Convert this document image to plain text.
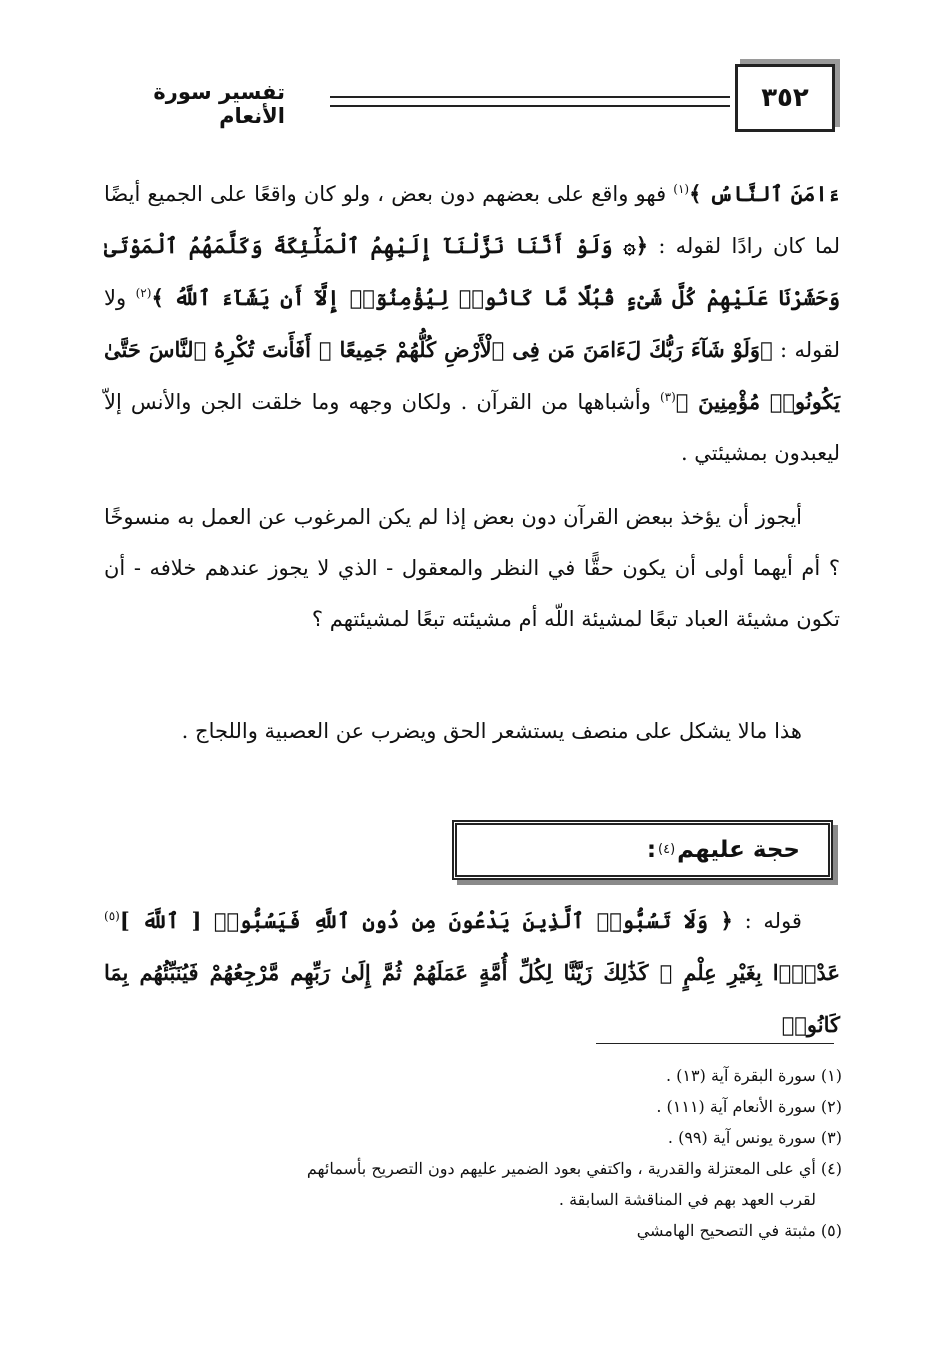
تفسير سورة الأنعام
٣٥٢
ءَامَنَ ٱلنَّاسُ ﴾$^{(١)}$ فهو واقع على بعضهم دون بعض ، ولو كان واقعًا على الجميع أيضًا لما كان رادًا لقوله : ﴿۞ وَلَوْ أَنَّنَا نَزَّلْنَآ إِلَيْهِمُ ٱلْمَلَٰٓئِكَةَ وَكَلَّمَهُمُ ٱلْمَوْتَىٰ وَحَشَرْنَا عَلَيْهِمْ كُلَّ شَىْءٍ قُبُلًا مَّا كَانُوا۟ لِيُؤْمِنُوٓا۟ إِلَّآ أَن يَشَآءَ ٱللَّهُ ﴾$^{(٢)}$ ولا لقوله : ﴿وَلَوْ شَآءَ رَبُّكَ لَءَامَنَ مَن فِى ٱلْأَرْضِ كُلُّهُمْ جَمِيعًا ۚ أَفَأَنتَ تُكْرِهُ ٱلنَّاسَ حَتَّىٰ يَكُونُوا۟ مُؤْمِنِينَ ﴾$^{(٣)}$ وأشباهها من القرآن . ولكان وجهه وما خلقت الجن والأنس إلاّ ليعبدون بمشيئتي .
أيجوز أن يؤخذ ببعض القرآن دون بعض إذا لم يكن المرغوب عن العمل به منسوخًا ؟ أم أيهما أولى أن يكون حقًّا في النظر والمعقول - الذي لا يجوز عندهم خلافه - أن تكون مشيئة العباد تبعًا لمشيئة اللّه أم مشيئته تبعًا لمشيئتهم ؟
هذا مالا يشكل على منصف يستشعر الحق ويضرب عن العصبية واللجاج .
حجة عليهم
(٤)
:
قوله : ﴿ وَلَا تَسُبُّوا۟ ٱلَّذِينَ يَدْعُونَ مِن دُونِ ٱللَّهِ فَيَسُبُّوا۟ [ ٱللَّهَ ]$^{(٥)}$ عَدْوًۢا بِغَيْرِ عِلْمٍ ۗ كَذَٰلِكَ زَيَّنَّا لِكُلِّ أُمَّةٍ عَمَلَهُمْ ثُمَّ إِلَىٰ رَبِّهِم مَّرْجِعُهُمْ فَيُنَبِّئُهُم بِمَا كَانُوا۟

(١) سورة البقرة آية (١٣) .

(٢) سورة الأنعام آية (١١١) .

(٣) سورة يونس آية (٩٩) .

(٤) أي على المعتزلة والقدرية ، واكتفي بعود الضمير عليهم دون التصريح بأسمائهم

لقرب العهد بهم في المناقشة السابقة .

(٥) مثبتة في التصحيح الهامشي
